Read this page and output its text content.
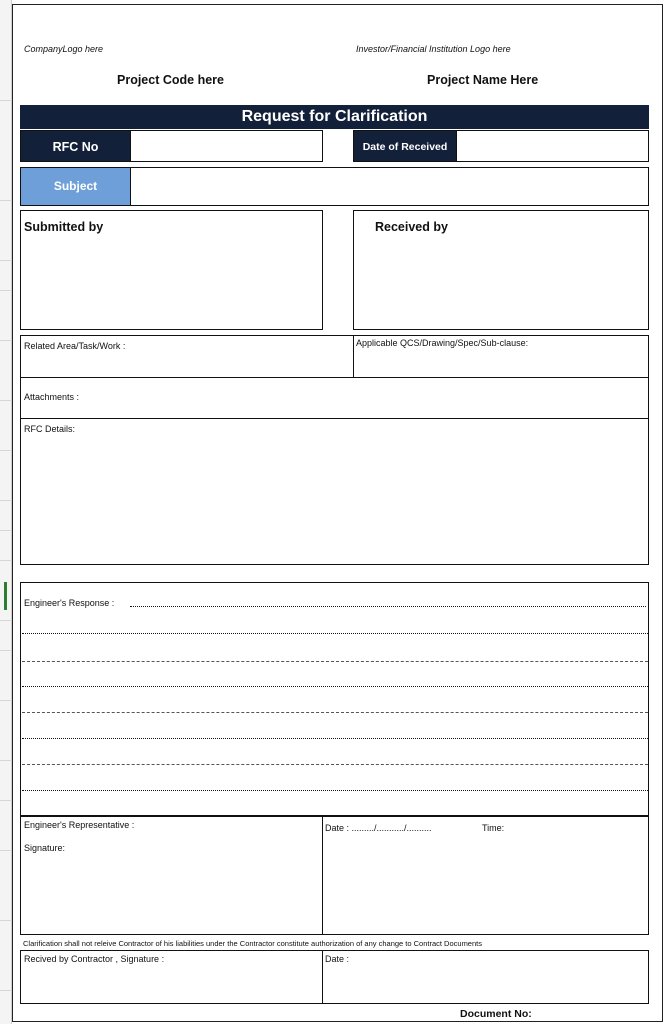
CompanyLogo here	Investor/Financial Institution Logo here
Project Code here	Project Name Here
Request for Clarification
RFC No	Date of Received
Subject
Submitted by	Received by
Related Area/Task/Work :	Applicable QCS/Drawing/Spec/Sub-clause:
Attachments :
RFC Details:
Engineer's Response :
Engineer's Representative :
Signature:
Date : ........./.........../..........	Time:
Clarification shall not releive Contractor of his liabilities under the Contractor constitute authorization of any change to Contract Documents
Recived by Contractor , Signature :	Date :
Document No:
